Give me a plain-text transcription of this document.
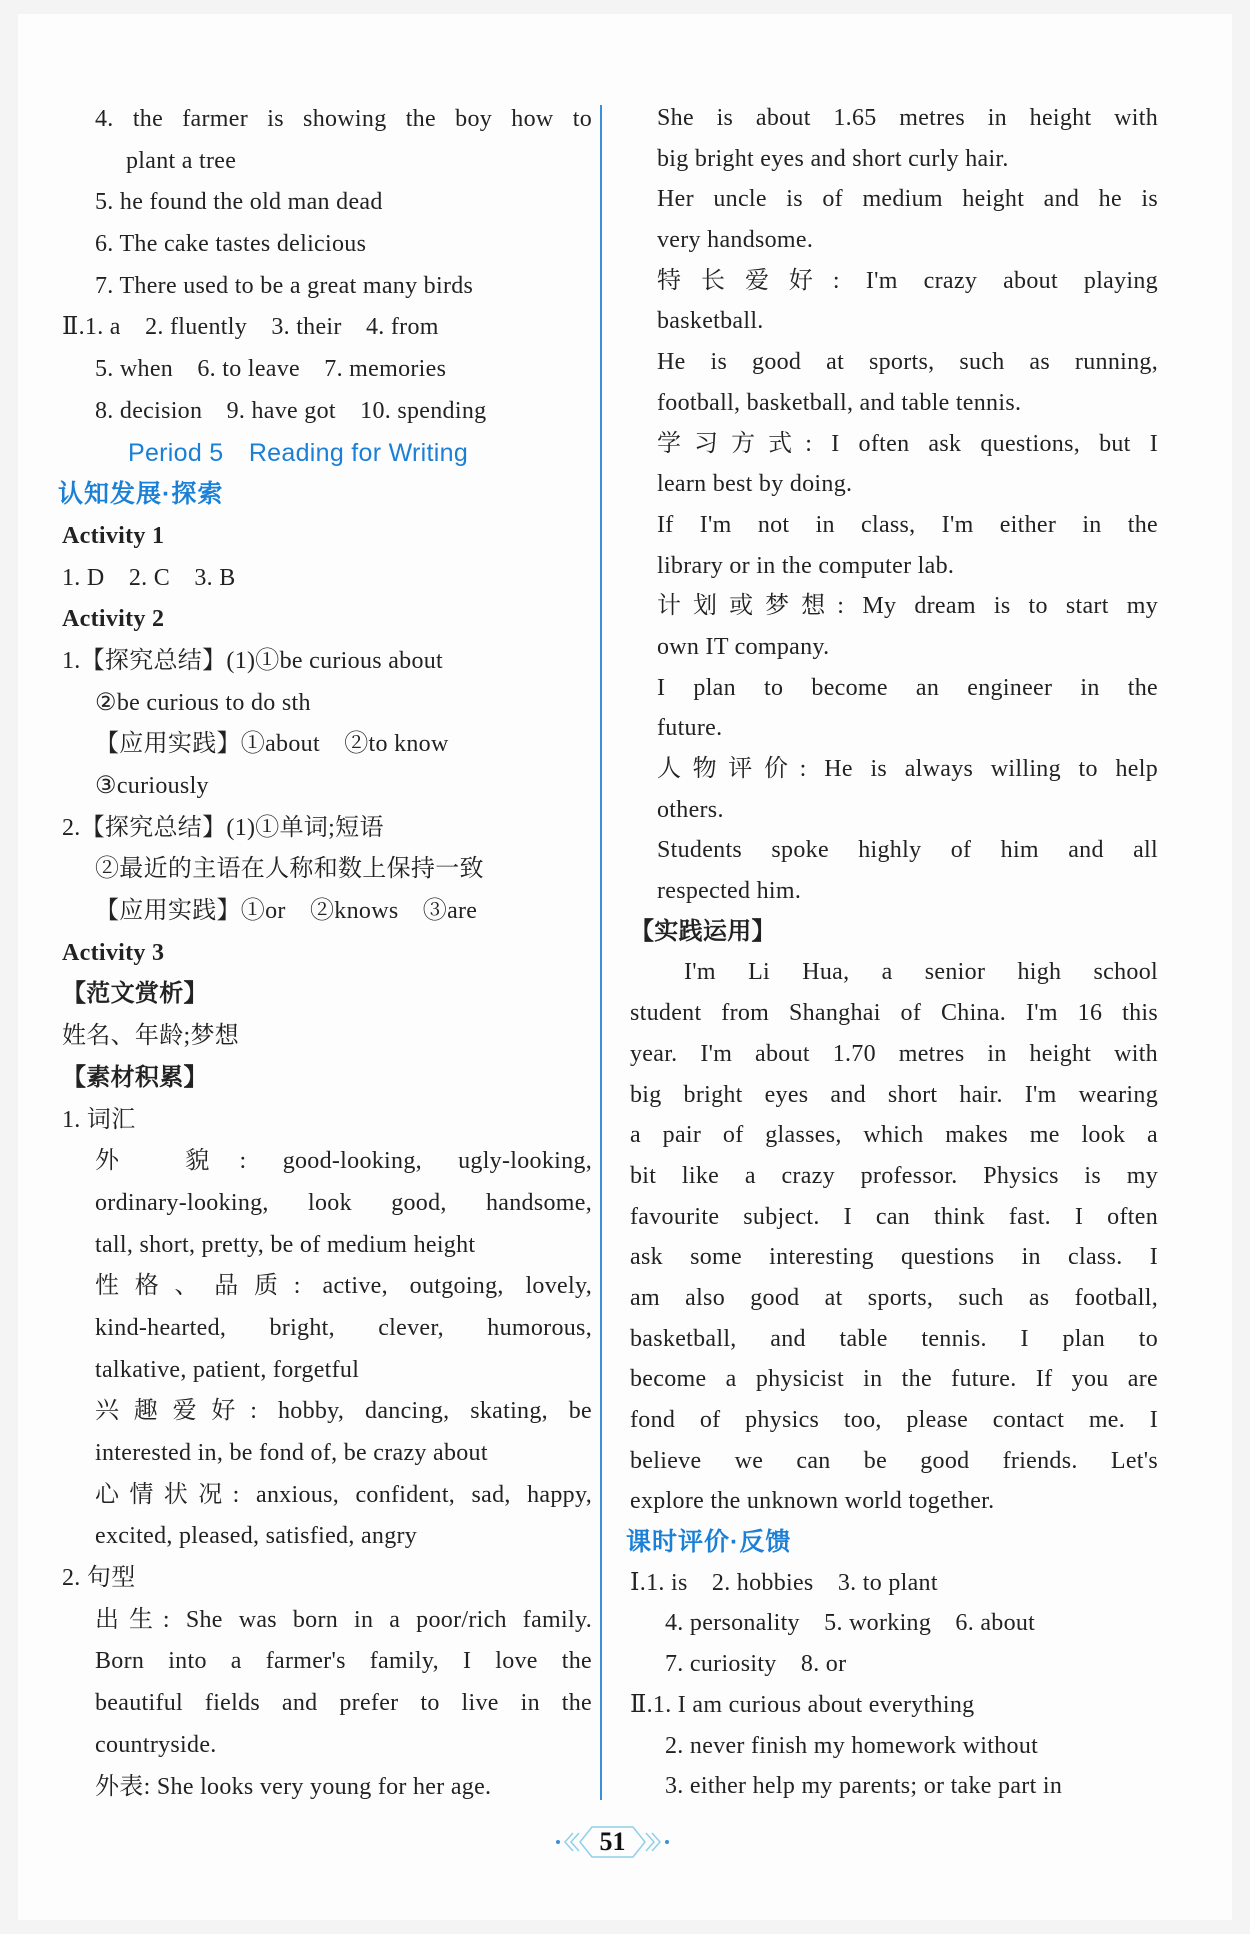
4. the farmer is showing the boy how to
plant a tree
5. he found the old man dead
6. The cake tastes delicious
7. There used to be a great many birds
Ⅱ.1. a　2. fluently　3. their　4. from
5. when　6. to leave　7. memories
8. decision　9. have got　10. spending
Period 5　Reading for Writing
认知发展·探索
Activity 1
1. D　2. C　3. B
Activity 2
1.【探究总结】(1)①be curious about
②be curious to do sth
【应用实践】①about　②to know
③curiously
2.【探究总结】(1)①单词;短语
②最近的主语在人称和数上保持一致
【应用实践】①or　②knows　③are
Activity 3
【范文赏析】
姓名、年龄;梦想
【素材积累】
1. 词汇
外 貌: good-looking, ugly-looking,
ordinary-looking, look good, handsome,
tall, short, pretty, be of medium height
性格、品质: active, outgoing, lovely,
kind-hearted, bright, clever, humorous,
talkative, patient, forgetful
兴趣爱好: hobby, dancing, skating, be
interested in, be fond of, be crazy about
心情状况: anxious, confident, sad, happy,
excited, pleased, satisfied, angry
2. 句型
出生: She was born in a poor/rich family.
Born into a farmer's family, I love the
beautiful fields and prefer to live in the
countryside.
外表: She looks very young for her age.
She is about 1.65 metres in height with
big bright eyes and short curly hair.
Her uncle is of medium height and he is
very handsome.
特长爱好: I'm crazy about playing
basketball.
He is good at sports, such as running,
football, basketball, and table tennis.
学习方式: I often ask questions, but I
learn best by doing.
If I'm not in class, I'm either in the
library or in the computer lab.
计划或梦想: My dream is to start my
own IT company.
I plan to become an engineer in the
future.
人物评价: He is always willing to help
others.
Students spoke highly of him and all
respected him.
【实践运用】
I'm Li Hua, a senior high school
student from Shanghai of China. I'm 16 this
year. I'm about 1.70 metres in height with
big bright eyes and short hair. I'm wearing
a pair of glasses, which makes me look a
bit like a crazy professor. Physics is my
favourite subject. I can think fast. I often
ask some interesting questions in class. I
am also good at sports, such as football,
basketball, and table tennis. I plan to
become a physicist in the future. If you are
fond of physics too, please contact me. I
believe we can be good friends. Let's
explore the unknown world together.
课时评价·反馈
Ⅰ.1. is　2. hobbies　3. to plant
4. personality　5. working　6. about
7. curiosity　8. or
Ⅱ.1. I am curious about everything
2. never finish my homework without
3. either help my parents; or take part in
51
